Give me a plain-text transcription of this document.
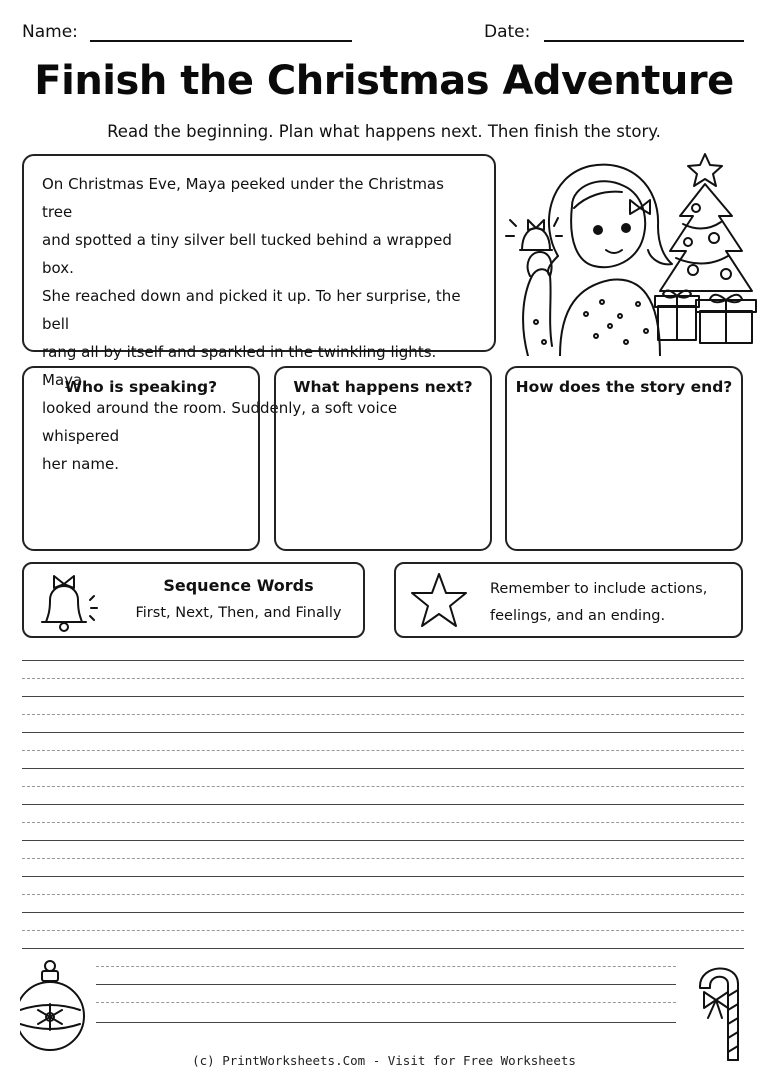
Name:	Date:
Finish the Christmas Adventure
Read the beginning. Plan what happens next. Then finish the story.
On Christmas Eve, Maya peeked under the Christmas tree
and spotted a tiny silver bell tucked behind a wrapped box.
She reached down and picked it up. To her surprise, the bell
rang all by itself and sparkled in the twinkling lights. Maya
looked around the room. Suddenly, a soft voice whispered
her name.
Who is speaking?	What happens next?	How does the story end?
Sequence Words
First, Next, Then, and Finally
Remember to include actions,
feelings, and an ending.
(c) PrintWorksheets.Com - Visit for Free Worksheets
